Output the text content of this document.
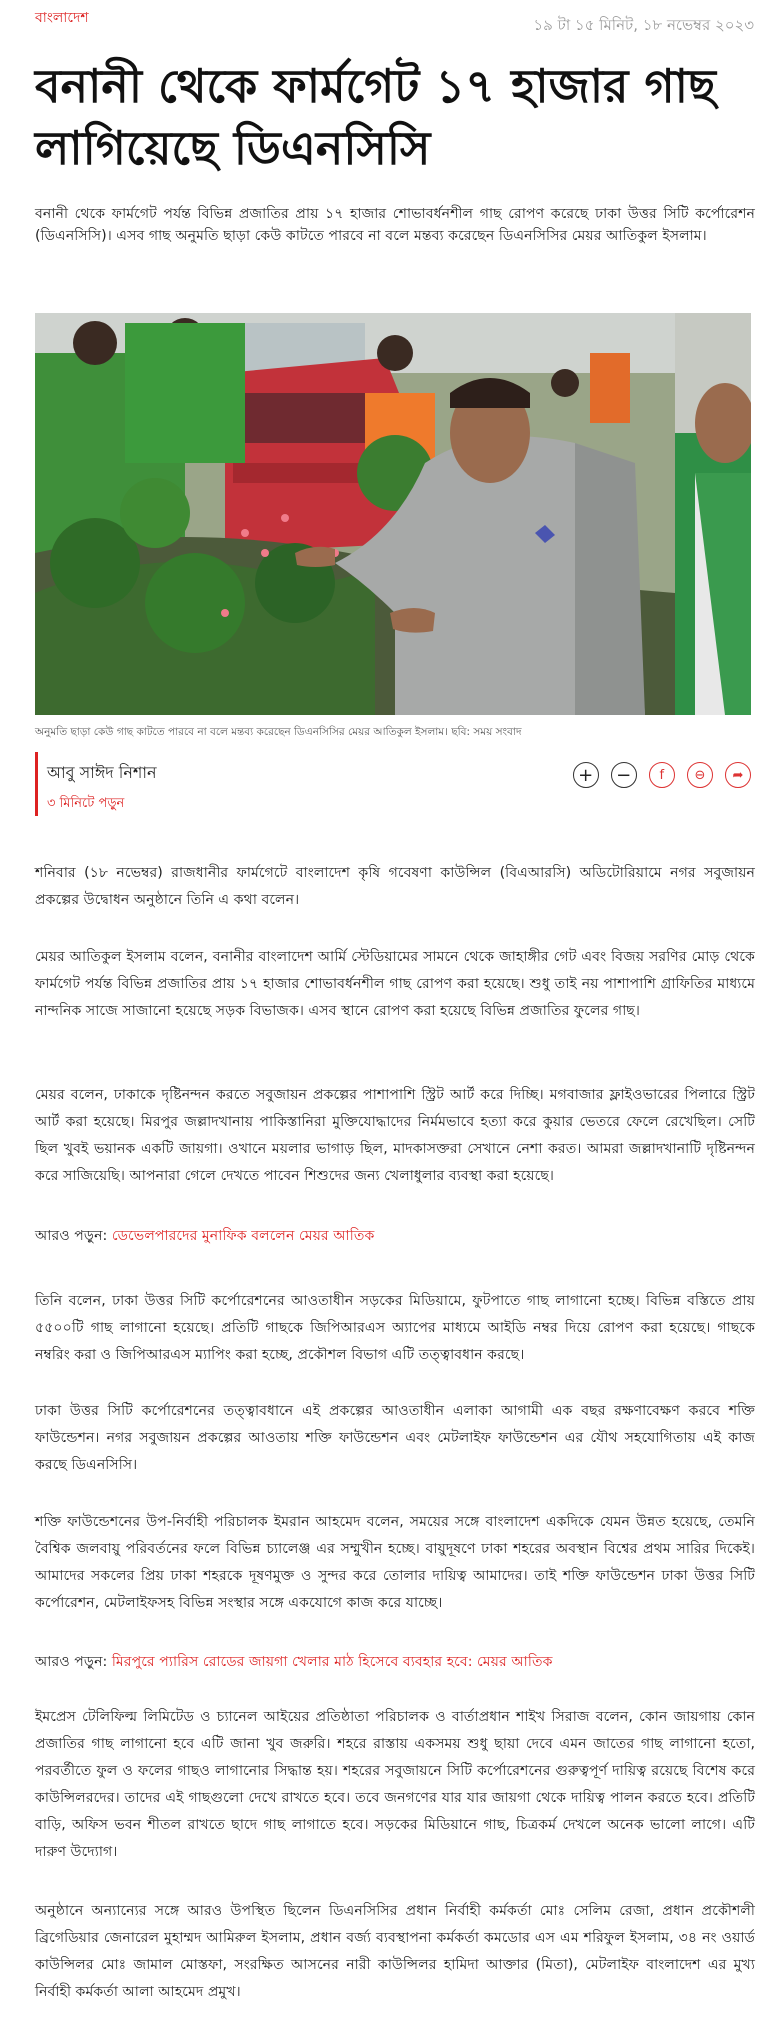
বাংলাদেশ	১৯ টা ১৫ মিনিট, ১৮ নভেম্বর ২০২৩
বনানী থেকে ফার্মগেট ১৭ হাজার গাছ লাগিয়েছে ডিএনসিসি

বনানী থেকে ফার্মগেট পর্যন্ত বিভিন্ন প্রজাতির প্রায় ১৭ হাজার শোভাবর্ধনশীল গাছ রোপণ করেছে ঢাকা উত্তর সিটি কর্পোরেশন (ডিএনসিসি)। এসব গাছ অনুমতি ছাড়া কেউ কাটতে পারবে না বলে মন্তব্য করেছেন ডিএনসিসির মেয়র আতিকুল ইসলাম।

অনুমতি ছাড়া কেউ গাছ কাটতে পারবে না বলে মন্তব্য করেছেন ডিএনসিসির মেয়র আতিকুল ইসলাম। ছবি: সময় সংবাদ
আবু সাঈদ নিশান
৩ মিনিটে পড়ুন
+ − f ⊖ ➦

শনিবার (১৮ নভেম্বর) রাজধানীর ফার্মগেটে বাংলাদেশ কৃষি গবেষণা কাউন্সিল (বিএআরসি) অডিটোরিয়ামে নগর সবুজায়ন প্রকল্পের উদ্বোধন অনুষ্ঠানে তিনি এ কথা বলেন।

মেয়র আতিকুল ইসলাম বলেন, বনানীর বাংলাদেশ আর্মি স্টেডিয়ামের সামনে থেকে জাহাঙ্গীর গেট এবং বিজয় সরণির মোড় থেকে ফার্মগেট পর্যন্ত বিভিন্ন প্রজাতির প্রায় ১৭ হাজার শোভাবর্ধনশীল গাছ রোপণ করা হয়েছে। শুধু তাই নয় পাশাপাশি গ্রাফিতির মাধ্যমে নান্দনিক সাজে সাজানো হয়েছে সড়ক বিভাজক। এসব স্থানে রোপণ করা হয়েছে বিভিন্ন প্রজাতির ফুলের গাছ।

মেয়র বলেন, ঢাকাকে দৃষ্টিনন্দন করতে সবুজায়ন প্রকল্পের পাশাপাশি স্ট্রিট আর্ট করে দিচ্ছি। মগবাজার ফ্লাইওভারের পিলারে স্ট্রিট আর্ট করা হয়েছে। মিরপুর জল্লাদখানায় পাকিস্তানিরা মুক্তিযোদ্ধাদের নির্মমভাবে হত্যা করে কুয়ার ভেতরে ফেলে রেখেছিল। সেটি ছিল খুবই ভয়ানক একটি জায়গা। ওখানে ময়লার ভাগাড় ছিল, মাদকাসক্তরা সেখানে নেশা করত। আমরা জল্লাদখানাটি দৃষ্টিনন্দন করে সাজিয়েছি। আপনারা গেলে দেখতে পাবেন শিশুদের জন্য খেলাধুলার ব্যবস্থা করা হয়েছে।

আরও পড়ুন: ডেভেলপারদের মুনাফিক বললেন মেয়র আতিক

তিনি বলেন, ঢাকা উত্তর সিটি কর্পোরেশনের আওতাধীন সড়কের মিডিয়ামে, ফুটপাতে গাছ লাগানো হচ্ছে। বিভিন্ন বস্তিতে প্রায় ৫৫০০টি গাছ লাগানো হয়েছে। প্রতিটি গাছকে জিপিআরএস অ্যাপের মাধ্যমে আইডি নম্বর দিয়ে রোপণ করা হয়েছে। গাছকে নম্বরিং করা ও জিপিআরএস ম্যাপিং করা হচ্ছে, প্রকৌশল বিভাগ এটি তত্ত্বাবধান করছে।

ঢাকা উত্তর সিটি কর্পোরেশনের তত্ত্বাবধানে এই প্রকল্পের আওতাধীন এলাকা আগামী এক বছর রক্ষণাবেক্ষণ করবে শক্তি ফাউন্ডেশন। নগর সবুজায়ন প্রকল্পের আওতায় শক্তি ফাউন্ডেশন এবং মেটলাইফ ফাউন্ডেশন এর যৌথ সহযোগিতায় এই কাজ করছে ডিএনসিসি।

শক্তি ফাউন্ডেশনের উপ-নির্বাহী পরিচালক ইমরান আহমেদ বলেন, সময়ের সঙ্গে বাংলাদেশ একদিকে যেমন উন্নত হয়েছে, তেমনি বৈশ্বিক জলবায়ু পরিবর্তনের ফলে বিভিন্ন চ্যালেঞ্জ এর সম্মুখীন হচ্ছে। বায়ুদূষণে ঢাকা শহরের অবস্থান বিশ্বের প্রথম সারির দিকেই। আমাদের সকলের প্রিয় ঢাকা শহরকে দূষণমুক্ত ও সুন্দর করে তোলার দায়িত্ব আমাদের। তাই শক্তি ফাউন্ডেশন ঢাকা উত্তর সিটি কর্পোরেশন, মেটলাইফসহ বিভিন্ন সংস্থার সঙ্গে একযোগে কাজ করে যাচ্ছে।

আরও পড়ুন: মিরপুরে প্যারিস রোডের জায়গা খেলার মাঠ হিসেবে ব্যবহার হবে: মেয়র আতিক

ইমপ্রেস টেলিফিল্ম লিমিটেড ও চ্যানেল আইয়ের প্রতিষ্ঠাতা পরিচালক ও বার্তাপ্রধান শাইখ সিরাজ বলেন, কোন জায়গায় কোন প্রজাতির গাছ লাগানো হবে এটি জানা খুব জরুরি। শহরে রাস্তায় একসময় শুধু ছায়া দেবে এমন জাতের গাছ লাগানো হতো, পরবর্তীতে ফুল ও ফলের গাছও লাগানোর সিদ্ধান্ত হয়। শহরের সবুজায়নে সিটি কর্পোরেশনের গুরুত্বপূর্ণ দায়িত্ব রয়েছে বিশেষ করে কাউন্সিলরদের। তাদের এই গাছগুলো দেখে রাখতে হবে। তবে জনগণের যার যার জায়গা থেকে দায়িত্ব পালন করতে হবে। প্রতিটি বাড়ি, অফিস ভবন শীতল রাখতে ছাদে গাছ লাগাতে হবে। সড়কের মিডিয়ানে গাছ, চিত্রকর্ম দেখলে অনেক ভালো লাগে। এটি দারুণ উদ্যোগ।

অনুষ্ঠানে অন্যান্যের সঙ্গে আরও উপস্থিত ছিলেন ডিএনসিসির প্রধান নির্বাহী কর্মকর্তা মোঃ সেলিম রেজা, প্রধান প্রকৌশলী ব্রিগেডিয়ার জেনারেল মুহাম্মদ আমিরুল ইসলাম, প্রধান বর্জ্য ব্যবস্থাপনা কর্মকর্তা কমডোর এস এম শরিফুল ইসলাম, ৩৪ নং ওয়ার্ড কাউন্সিলর মোঃ জামাল মোস্তফা, সংরক্ষিত আসনের নারী কাউন্সিলর হামিদা আক্তার (মিতা), মেটলাইফ বাংলাদেশ এর মুখ্য নির্বাহী কর্মকর্তা আলা আহমেদ প্রমুখ।
